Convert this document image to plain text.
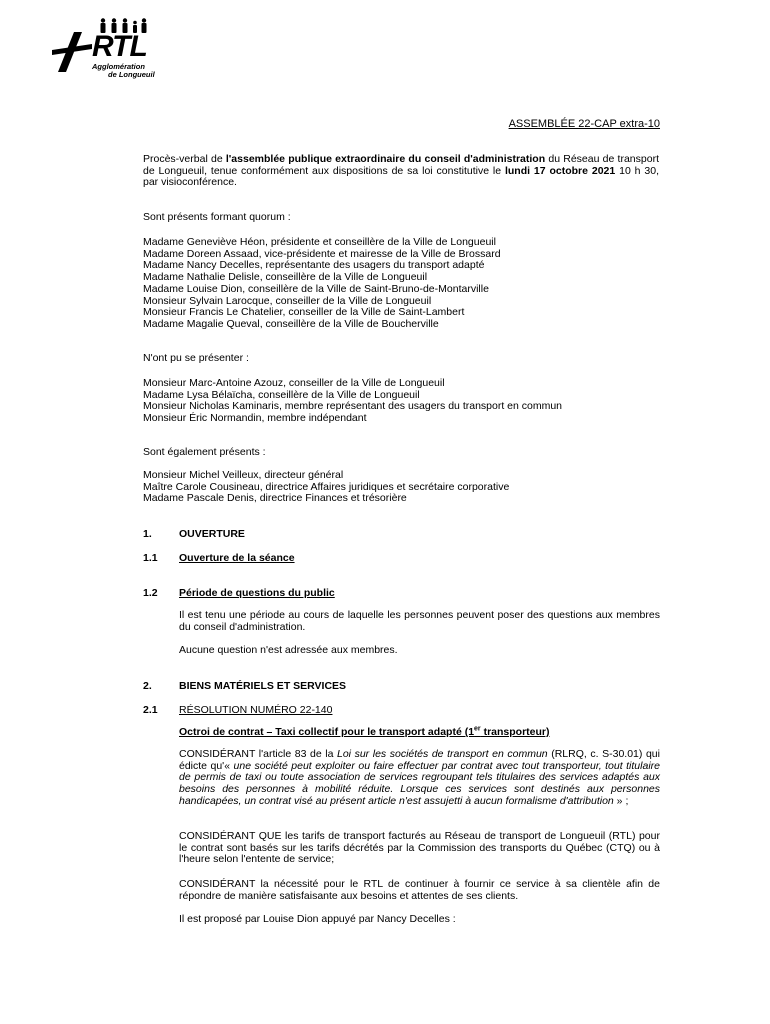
RTL
Agglomération
de Longueuil
ASSEMBLÉE 22-CAP extra-10

Procès-verbal de l'assemblée publique extraordinaire du conseil d'administration du Réseau de transport de Longueuil, tenue conformément aux dispositions de sa loi constitutive le lundi 17 octobre 2021 10 h 30, par visioconférence.

Sont présents formant quorum :
Madame Geneviève Héon, présidente et conseillère de la Ville de Longueuil
Madame Doreen Assaad, vice-présidente et mairesse de la Ville de Brossard
Madame Nancy Decelles, représentante des usagers du transport adapté
Madame Nathalie Delisle, conseillère de la Ville de Longueuil
Madame Louise Dion, conseillère de la Ville de Saint-Bruno-de-Montarville
Monsieur Sylvain Larocque, conseiller de la Ville de Longueuil
Monsieur Francis Le Chatelier, conseiller de la Ville de Saint-Lambert
Madame Magalie Queval, conseillère de la Ville de Boucherville
N'ont pu se présenter :
Monsieur Marc-Antoine Azouz, conseiller de la Ville de Longueuil
Madame Lysa Bélaïcha, conseillère de la Ville de Longueuil
Monsieur Nicholas Kaminaris, membre représentant des usagers du transport en commun
Monsieur Éric Normandin, membre indépendant
Sont également présents :
Monsieur Michel Veilleux, directeur général
Maître Carole Cousineau, directrice Affaires juridiques et secrétaire corporative
Madame Pascale Denis, directrice Finances et trésorière
1.	OUVERTURE
1.1 Ouverture de la séance
1.2 Période de questions du public

Il est tenu une période au cours de laquelle les personnes peuvent poser des questions aux membres du conseil d'administration.

Aucune question n'est adressée aux membres.

2.	BIENS MATÉRIELS ET SERVICES
2.1 RÉSOLUTION NUMÉRO 22-140

Octroi de contrat – Taxi collectif pour le transport adapté (1er transporteur)

CONSIDÉRANT l'article 83 de la Loi sur les sociétés de transport en commun (RLRQ, c. S-30.01) qui édicte qu'« une société peut exploiter ou faire effectuer par contrat avec tout transporteur, tout titulaire de permis de taxi ou toute association de services regroupant tels titulaires des services adaptés aux besoins des personnes à mobilité réduite. Lorsque ces services sont destinés aux personnes handicapées, un contrat visé au présent article n'est assujetti à aucun formalisme d'attribution » ;

CONSIDÉRANT QUE les tarifs de transport facturés au Réseau de transport de Longueuil (RTL) pour le contrat sont basés sur les tarifs décrétés par la Commission des transports du Québec (CTQ) ou à l'heure selon l'entente de service;

CONSIDÉRANT la nécessité pour le RTL de continuer à fournir ce service à sa clientèle afin de répondre de manière satisfaisante aux besoins et attentes de ses clients.

Il est proposé par Louise Dion appuyé par Nancy Decelles :
